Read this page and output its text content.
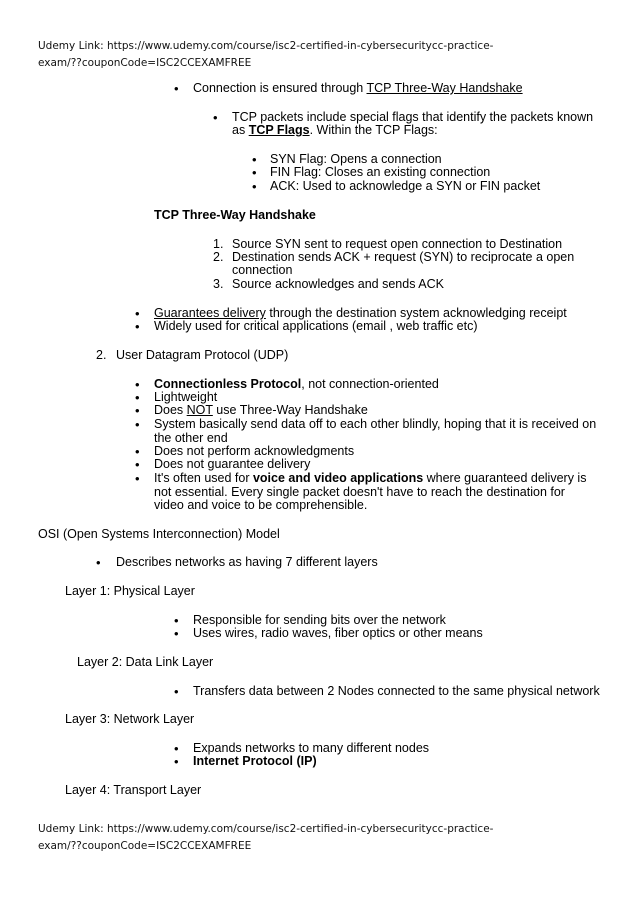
Udemy Link: https://www.udemy.com/course/isc2-certified-in-cybersecuritycc-practice-
exam/??couponCode=ISC2CCEXAMFREE
• Connection is ensured through TCP Three-Way Handshake
• TCP packets include special flags that identify the packets known
as TCP Flags. Within the TCP Flags:
• SYN Flag: Opens a connection
• FIN Flag: Closes an existing connection
• ACK: Used to acknowledge a SYN or FIN packet
TCP Three-Way Handshake
1. Source SYN sent to request open connection to Destination
2. Destination sends ACK + request (SYN) to reciprocate a open
connection
3. Source acknowledges and sends ACK
• Guarantees delivery through the destination system acknowledging receipt
• Widely used for critical applications (email , web traffic etc)
2. User Datagram Protocol (UDP)
• Connectionless Protocol, not connection-oriented
• Lightweight
• Does NOT use Three-Way Handshake
• System basically send data off to each other blindly, hoping that it is received on the other end
• Does not perform acknowledgments
• Does not guarantee delivery
• It's often used for voice and video applications where guaranteed delivery is not essential. Every single packet doesn't have to reach the destination for video and voice to be comprehensible.
OSI (Open Systems Interconnection) Model
• Describes networks as having 7 different layers
Layer 1: Physical Layer
• Responsible for sending bits over the network
• Uses wires, radio waves, fiber optics or other means
Layer 2: Data Link Layer
• Transfers data between 2 Nodes connected to the same physical network
Layer 3: Network Layer
• Expands networks to many different nodes
• Internet Protocol (IP)
Layer 4: Transport Layer
Udemy Link: https://www.udemy.com/course/isc2-certified-in-cybersecuritycc-practice-
exam/??couponCode=ISC2CCEXAMFREE
